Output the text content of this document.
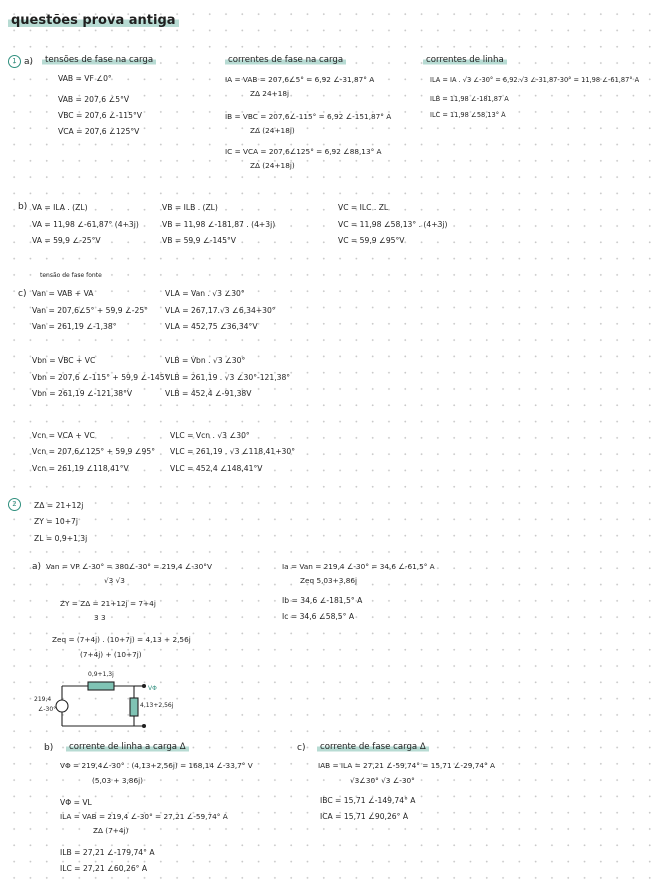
questões prova antiga
1 a)	tensões de fase na carga
VAB = VF ∠0°
VAB = 207,6 ∠5°V
VBC = 207,6 ∠-115°V
VCA = 207,6 ∠125°V
correntes de fase na carga
IA = VAB = 207,6∠5° = 6,92 ∠-31,87° A
ZΔ 24+18j
IB = VBC = 207,6∠-115° = 6,92 ∠-151,87° A
ZΔ (24+18j)
IC = VCA = 207,6∠125° = 6,92 ∠88,13° A
ZΔ (24+18j)
correntes de linha
ILA = IA . √3 ∠-30° = 6,92.√3 ∠-31,87-30° = 11,98 ∠-61,87° A
ILB = 11,98 ∠-181,87 A
ILC = 11,98 ∠58,13° A
b) VA = ILA . (ZL)
VA = 11,98 ∠-61,87° (4+3j)
VA = 59,9 ∠-25°V
VB = ILB . (ZL)
VB = 11,98 ∠-181,87 . (4+3j)
VB = 59,9 ∠-145°V
VC = ILC . ZL
VC = 11,98 ∠58,13° . (4+3j)
VC = 59,9 ∠95°V
tensão de fase fonte
c) Van = VAB + VA
Van = 207,6∠5° + 59,9 ∠-25°
Van = 261,19 ∠-1,38°
VLA = Van . √3 ∠30°
VLA = 267,17.√3 ∠6,34+30°
VLA = 452,75 ∠36,34°V
Vbn = VBC + VC
Vbn = 207,6 ∠-115° + 59,9 ∠-145°
Vbn = 261,19 ∠-121,38°V
VLB = Vbn . √3 ∠30°
VLB = 261,19 . √3 ∠30°-121,38°
VLB = 452,4 ∠-91,38V
Vcn = VCA + VC
Vcn = 207,6∠125° + 59,9 ∠95°
Vcn = 261,19 ∠118,41°V
VLC = Vcn . √3 ∠30°
VLC = 261,19 . √3 ∠118,41+30°
VLC = 452,4 ∠148,41°V
2	ZΔ = 21+12j
ZY = 10+7j
ZL = 0,9+1,3j
a) Van = VP ∠-30° = 380∠-30° = 219,4 ∠-30°V
√3 √3
ZY = ZΔ = 21+12j = 7+4j
3 3
Zeq = (7+4j) . (10+7j) = 4,13 + 2,56j
(7+4j) + (10+7j)
Ia = Van = 219,4 ∠-30° = 34,6 ∠-61,5° A
Zeq 5,03+3,86j
Ib = 34,6 ∠-181,5° A
Ic = 34,6 ∠58,5° A
219,4
∠-30°
0,9+1,3j
4,13+2,56j
VΦ
b)	corrente de linha a carga Δ
VΦ = 219,4∠-30° . (4,13+2,56j) = 168,14 ∠-33,7° V
(5,03 + 3,86j)
VΦ = VL
ILA = VAB = 219,4 ∠-30° = 27,21 ∠-59,74° A
ZΔ (7+4j)
ILB = 27,21 ∠-179,74° A
ILC = 27,21 ∠60,26° A
c)	corrente de fase carga Δ
IAB = ILA = 27,21 ∠-59,74° = 15,71 ∠-29,74° A
√3∠30° √3 ∠-30°
IBC = 15,71 ∠-149,74° A
ICA = 15,71 ∠90,26° A
